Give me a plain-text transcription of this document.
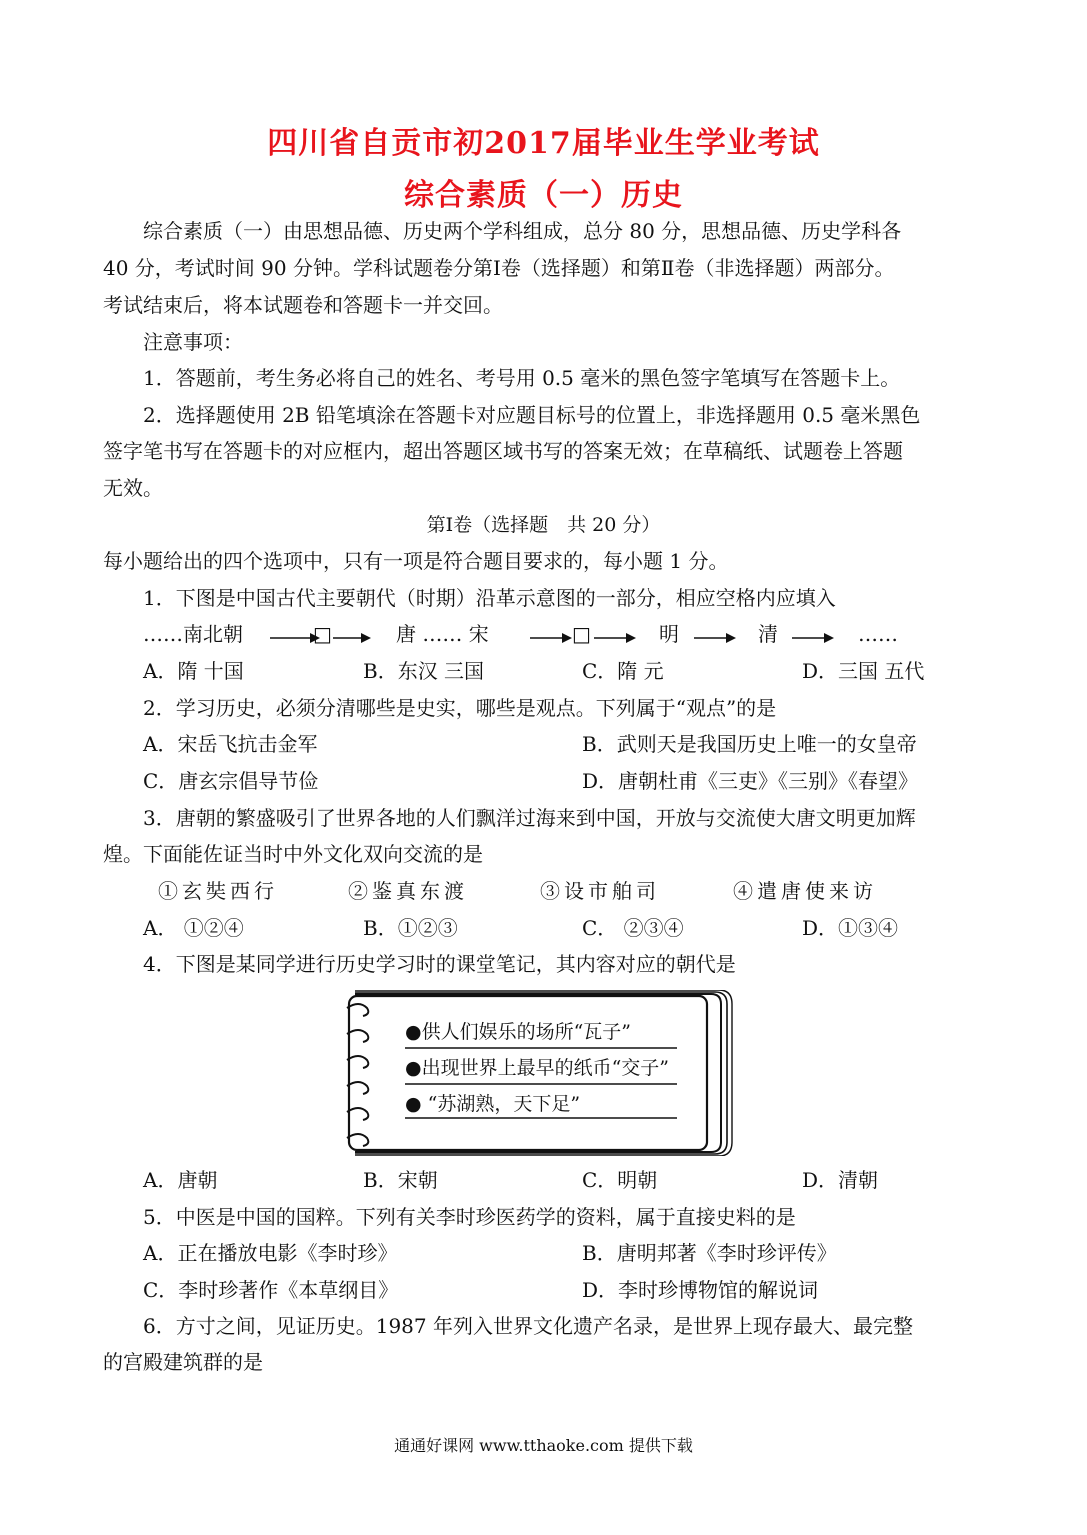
四川省自贡市初2017届毕业生学业考试
综合素质（一）历史
综合素质（一）由思想品德、历史两个学科组成，总分 80 分，思想品德、历史学科各
40 分，考试时间 90 分钟。学科试题卷分第Ⅰ卷（选择题）和第Ⅱ卷（非选择题）两部分。
考试结束后，将本试题卷和答题卡一并交回。
注意事项：
1．答题前，考生务必将自己的姓名、考号用 0.5 毫米的黑色签字笔填写在答题卡上。
2．选择题使用 2B 铅笔填涂在答题卡对应题目标号的位置上，非选择题用 0.5 毫米黑色
签字笔书写在答题卡的对应框内，超出答题区域书写的答案无效；在草稿纸、试题卷上答题
无效。
第Ⅰ卷（选择题　共 20 分）
每小题给出的四个选项中，只有一项是符合题目要求的，每小题 1 分。
1．下图是中国古代主要朝代（时期）沿革示意图的一部分，相应空格内应填入
……南北朝	□	唐 …… 宋	□	明	清	……
A．隋 十国	B．东汉 三国	C．隋 元	D．三国 五代
2．学习历史，必须分清哪些是史实，哪些是观点。下列属于“观点”的是
A．宋岳飞抗击金军	B．武则天是我国历史上唯一的女皇帝
C．唐玄宗倡导节俭	D．唐朝杜甫《三吏》《三别》《春望》
3．唐朝的繁盛吸引了世界各地的人们飘洋过海来到中国，开放与交流使大唐文明更加辉
煌。下面能佐证当时中外文化双向交流的是
①玄奘西行	②鉴真东渡	③设市舶司	④遣唐使来访
A． ①②④	B．①②③	C． ②③④	D．①③④
4．下图是某同学进行历史学习时的课堂笔记，其内容对应的朝代是
●供人们娱乐的场所“瓦子”
●出现世界上最早的纸币“交子”
● “苏湖熟，天下足”
A．唐朝	B．宋朝	C．明朝	D．清朝
5．中医是中国的国粹。下列有关李时珍医药学的资料，属于直接史料的是
A．正在播放电影《李时珍》	B．唐明邦著《李时珍评传》
C．李时珍著作《本草纲目》	D．李时珍博物馆的解说词
6．方寸之间，见证历史。1987 年列入世界文化遗产名录，是世界上现存最大、最完整
的宫殿建筑群的是
通通好课网 www.tthaoke.com 提供下载
